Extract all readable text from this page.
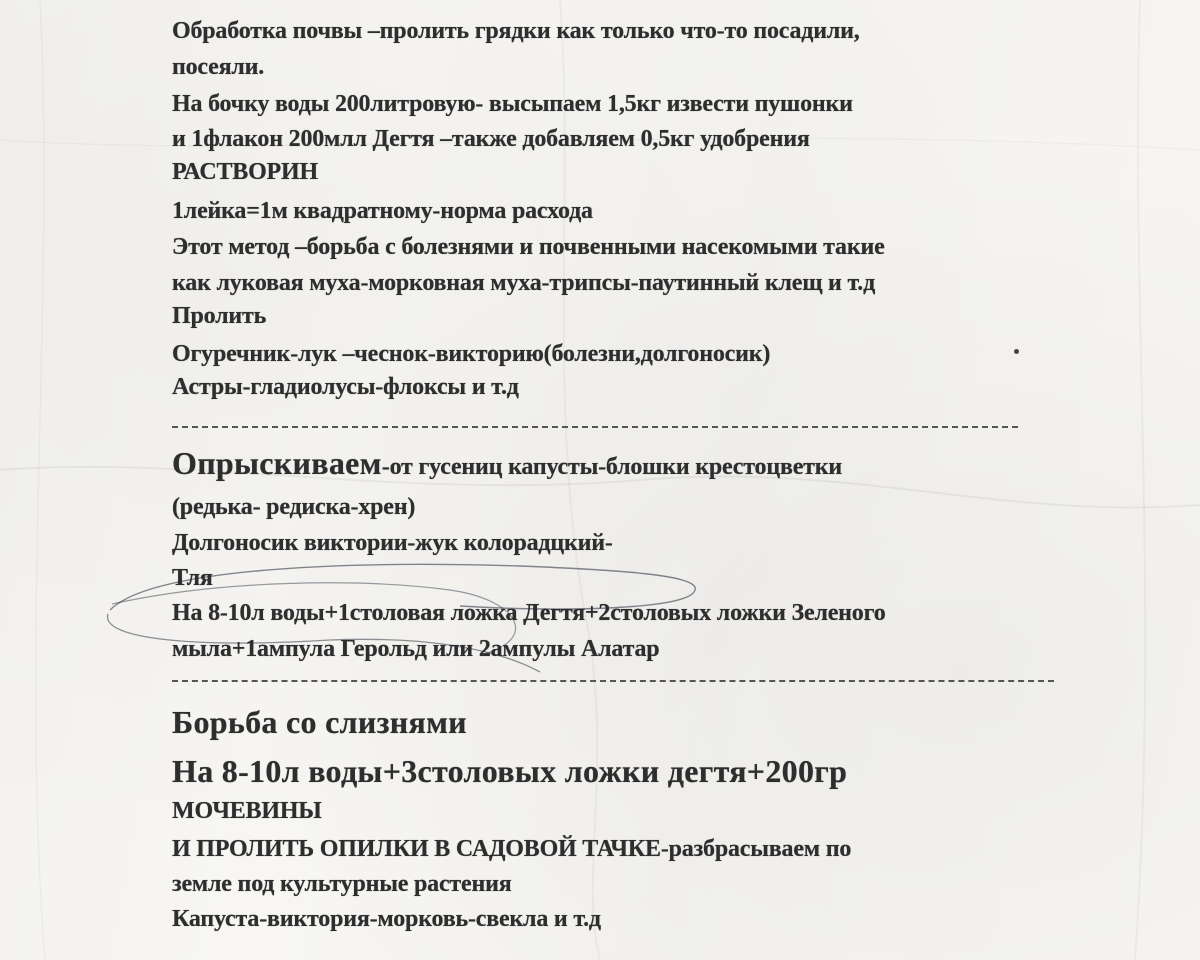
Обработка почвы –пролить грядки как только что-то посадили,
посеяли.
На бочку воды 200литровую- высыпаем 1,5кг извести пушонки
и 1флакон 200млл Дегтя –также добавляем 0,5кг удобрения
РАСТВОРИН
1лейка=1м квадратному-норма расхода
Этот метод –борьба с болезнями и почвенными насекомыми такие
как луковая муха-морковная муха-трипсы-паутинный клещ и т.д
Пролить
Огуречник-лук –чеснок-викторию(болезни,долгоносик)
Астры-гладиолусы-флоксы и т.д
Опрыскиваем-от гусениц капусты-блошки крестоцветки
(редька- редиска-хрен)
Долгоносик виктории-жук колорадцкий-
Тля
На 8-10л воды+1столовая ложка Дегтя+2столовых ложки Зеленого
мыла+1ампула Герольд или 2ампулы Алатар
Борьба со слизнями
На 8-10л воды+3столовых ложки дегтя+200гр
МОЧЕВИНЫ
И ПРОЛИТЬ ОПИЛКИ В САДОВОЙ ТАЧКЕ-разбрасываем по
земле под культурные растения
Капуста-виктория-морковь-свекла и т.д
